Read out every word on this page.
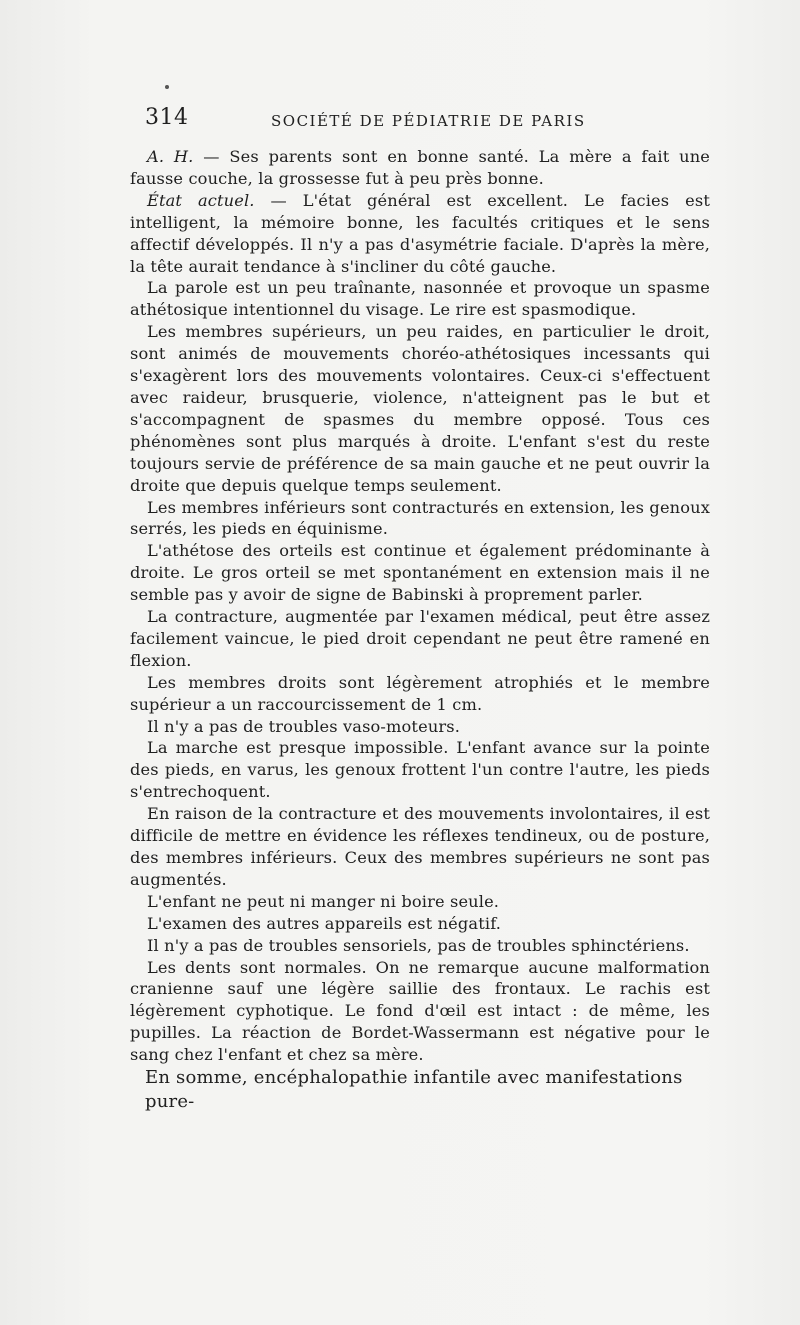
314	SOCIÉTÉ DE PÉDIATRIE DE PARIS

A. H. — Ses parents sont en bonne santé. La mère a fait une fausse couche, la grossesse fut à peu près bonne.

État actuel. — L'état général est excellent. Le facies est intelligent, la mémoire bonne, les facultés critiques et le sens affectif développés. Il n'y a pas d'asymétrie faciale. D'après la mère, la tête aurait tendance à s'incliner du côté gauche.

La parole est un peu traînante, nasonnée et provoque un spasme athétosique intentionnel du visage. Le rire est spasmodique.

Les membres supérieurs, un peu raides, en particulier le droit, sont animés de mouvements choréo-athétosiques incessants qui s'exagèrent lors des mouvements volontaires. Ceux-ci s'effectuent avec raideur, brusquerie, violence, n'atteignent pas le but et s'accompagnent de spasmes du membre opposé. Tous ces phénomènes sont plus marqués à droite. L'enfant s'est du reste toujours servie de préférence de sa main gauche et ne peut ouvrir la droite que depuis quelque temps seulement.

Les membres inférieurs sont contracturés en extension, les genoux serrés, les pieds en équinisme.

L'athétose des orteils est continue et également prédominante à droite. Le gros orteil se met spontanément en extension mais il ne semble pas y avoir de signe de Babinski à proprement parler.

La contracture, augmentée par l'examen médical, peut être assez facilement vaincue, le pied droit cependant ne peut être ramené en flexion.

Les membres droits sont légèrement atrophiés et le membre supérieur a un raccourcissement de 1 cm.

Il n'y a pas de troubles vaso-moteurs.

La marche est presque impossible. L'enfant avance sur la pointe des pieds, en varus, les genoux frottent l'un contre l'autre, les pieds s'entrechoquent.

En raison de la contracture et des mouvements involontaires, il est difficile de mettre en évidence les réflexes tendineux, ou de posture, des membres inférieurs. Ceux des membres supérieurs ne sont pas augmentés.

L'enfant ne peut ni manger ni boire seule.

L'examen des autres appareils est négatif.

Il n'y a pas de troubles sensoriels, pas de troubles sphinctériens.

Les dents sont normales. On ne remarque aucune malformation cranienne sauf une légère saillie des frontaux. Le rachis est légèrement cyphotique. Le fond d'œil est intact : de même, les pupilles. La réaction de Bordet-Wassermann est négative pour le sang chez l'enfant et chez sa mère.

En somme, encéphalopathie infantile avec manifestations pure-
